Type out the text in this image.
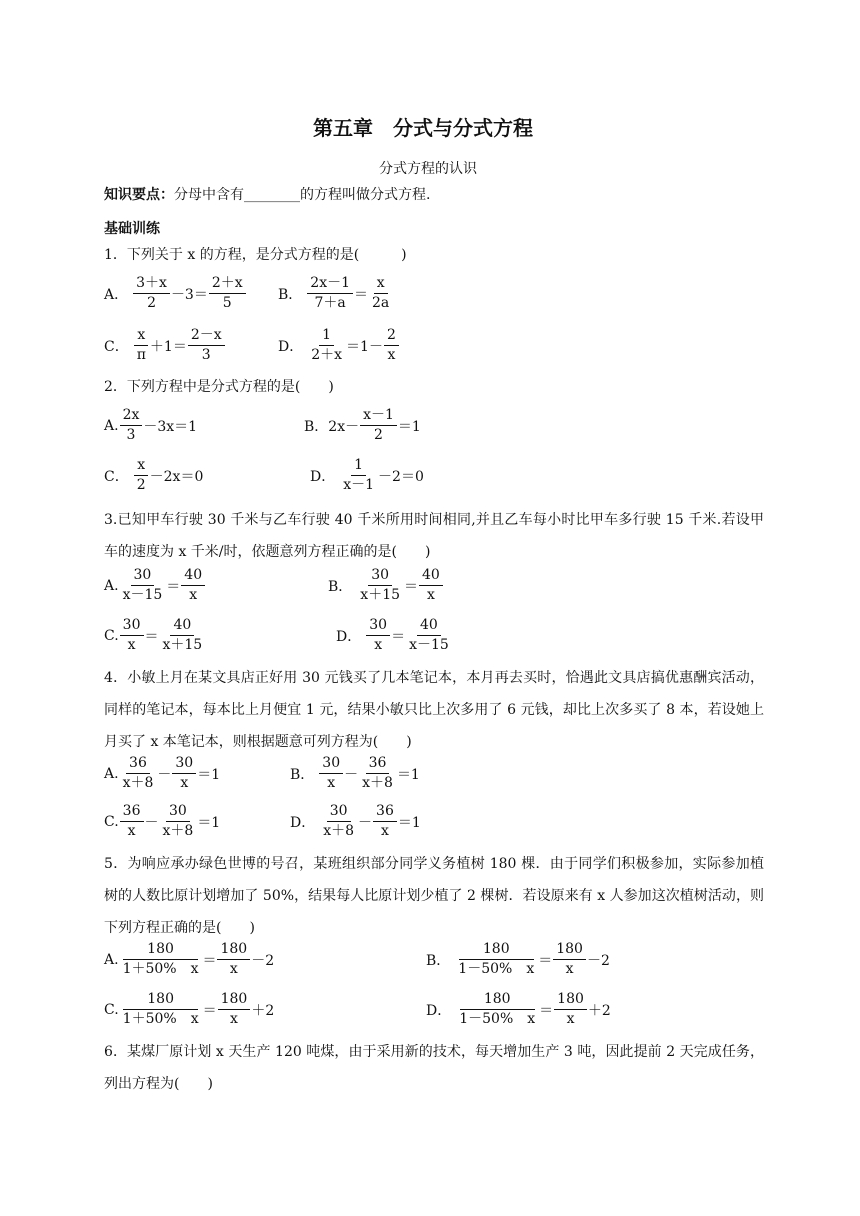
第五章　分式与分式方程
分式方程的认识
知识要点：分母中含有________的方程叫做分式方程.
基础训练
1．下列关于 x 的方程，是分式方程的是(　　　)
A． $\frac{3+x}{2} -3= \frac{2+x}{5}$ B． $\frac{2x-1}{7+a} = \frac{x}{2a}$
C． $\frac{x}{\pi} +1= \frac{2-x}{3}$	D． $\frac{1}{2+x} =1- \frac{2}{x}$
2．下列方程中是分式方程的是(　　)
A. $\frac{2x}{3} -3x=1$	B．$2x- \frac{x-1}{2} =1$
C． $\frac{x}{2} -2x=0$	D． $\frac{1}{x-1} -2=0$
3.已知甲车行驶 30 千米与乙车行驶 40 千米所用时间相同,并且乙车每小时比甲车多行驶 15 千米.若设甲车的速度为 x 千米/时，依题意列方程正确的是(　　)
A. $\frac{30}{x-15} = \frac{40}{x}$	B． $\frac{30}{x+15} = \frac{40}{x}$
C. $\frac{30}{x} = \frac{40}{x+15}$	D． $\frac{30}{x} = \frac{40}{x-15}$
4．小敏上月在某文具店正好用 30 元钱买了几本笔记本，本月再去买时，恰遇此文具店搞优惠酬宾活动，同样的笔记本，每本比上月便宜 1 元，结果小敏只比上次多用了 6 元钱，却比上次多买了 8 本，若设她上月买了 x 本笔记本，则根据题意可列方程为(　　)
A. $\frac{36}{x+8} - \frac{30}{x} =1$	B． $\frac{30}{x} - \frac{36}{x+8} =1$
C. $\frac{36}{x} - \frac{30}{x+8} =1$	D． $\frac{30}{x+8} - \frac{36}{x} =1$
5．为响应承办绿色世博的号召，某班组织部分同学义务植树 180 棵．由于同学们积极参加，实际参加植树的人数比原计划增加了 50%，结果每人比原计划少植了 2 棵树．若设原来有 x 人参加这次植树活动，则下列方程正确的是(　　)
A. $\frac{180}{1+50\% x} = \frac{180}{x} -2$	B． $\frac{180}{1-50\% x} = \frac{180}{x} -2$
C. $\frac{180}{1+50\% x} = \frac{180}{x} +2$	D． $\frac{180}{1-50\% x} = \frac{180}{x} +2$
6．某煤厂原计划 x 天生产 120 吨煤，由于采用新的技术，每天增加生产 3 吨，因此提前 2 天完成任务，列出方程为(　　)
